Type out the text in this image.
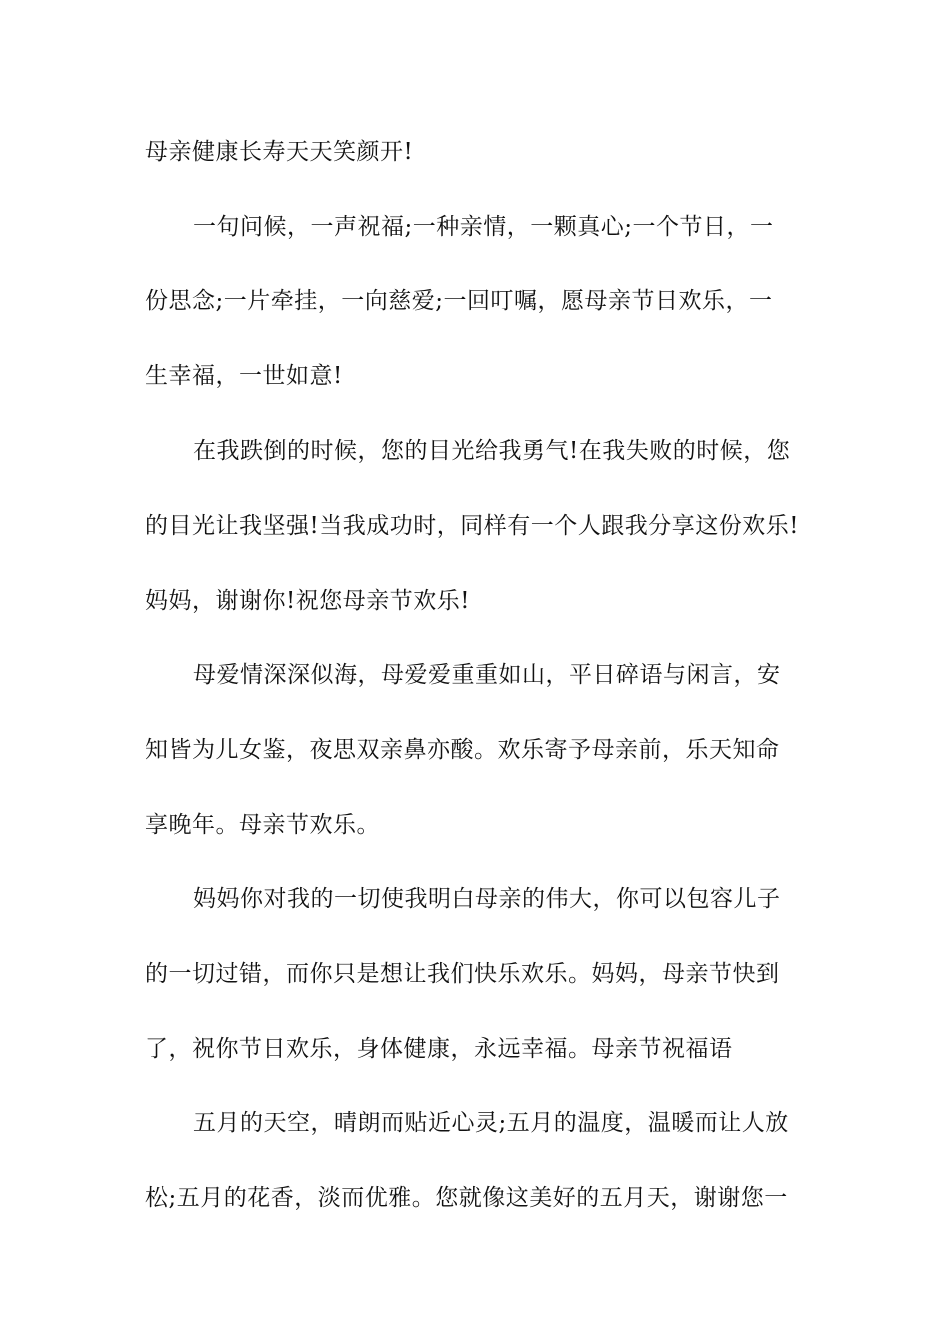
母亲健康长寿天天笑颜开!
一句问候，一声祝福;一种亲情，一颗真心;一个节日，一
份思念;一片牵挂，一向慈爱;一回叮嘱，愿母亲节日欢乐，一
生幸福，一世如意!
在我跌倒的时候，您的目光给我勇气!在我失败的时候，您
的目光让我坚强!当我成功时，同样有一个人跟我分享这份欢乐!
妈妈，谢谢你!祝您母亲节欢乐!
母爱情深深似海，母爱爱重重如山，平日碎语与闲言，安
知皆为儿女鉴，夜思双亲鼻亦酸。欢乐寄予母亲前，乐天知命
享晚年。母亲节欢乐。
妈妈你对我的一切使我明白母亲的伟大，你可以包容儿子
的一切过错，而你只是想让我们快乐欢乐。妈妈，母亲节快到
了，祝你节日欢乐，身体健康，永远幸福。母亲节祝福语
五月的天空，晴朗而贴近心灵;五月的温度，温暖而让人放
松;五月的花香，淡而优雅。您就像这美好的五月天，谢谢您一
